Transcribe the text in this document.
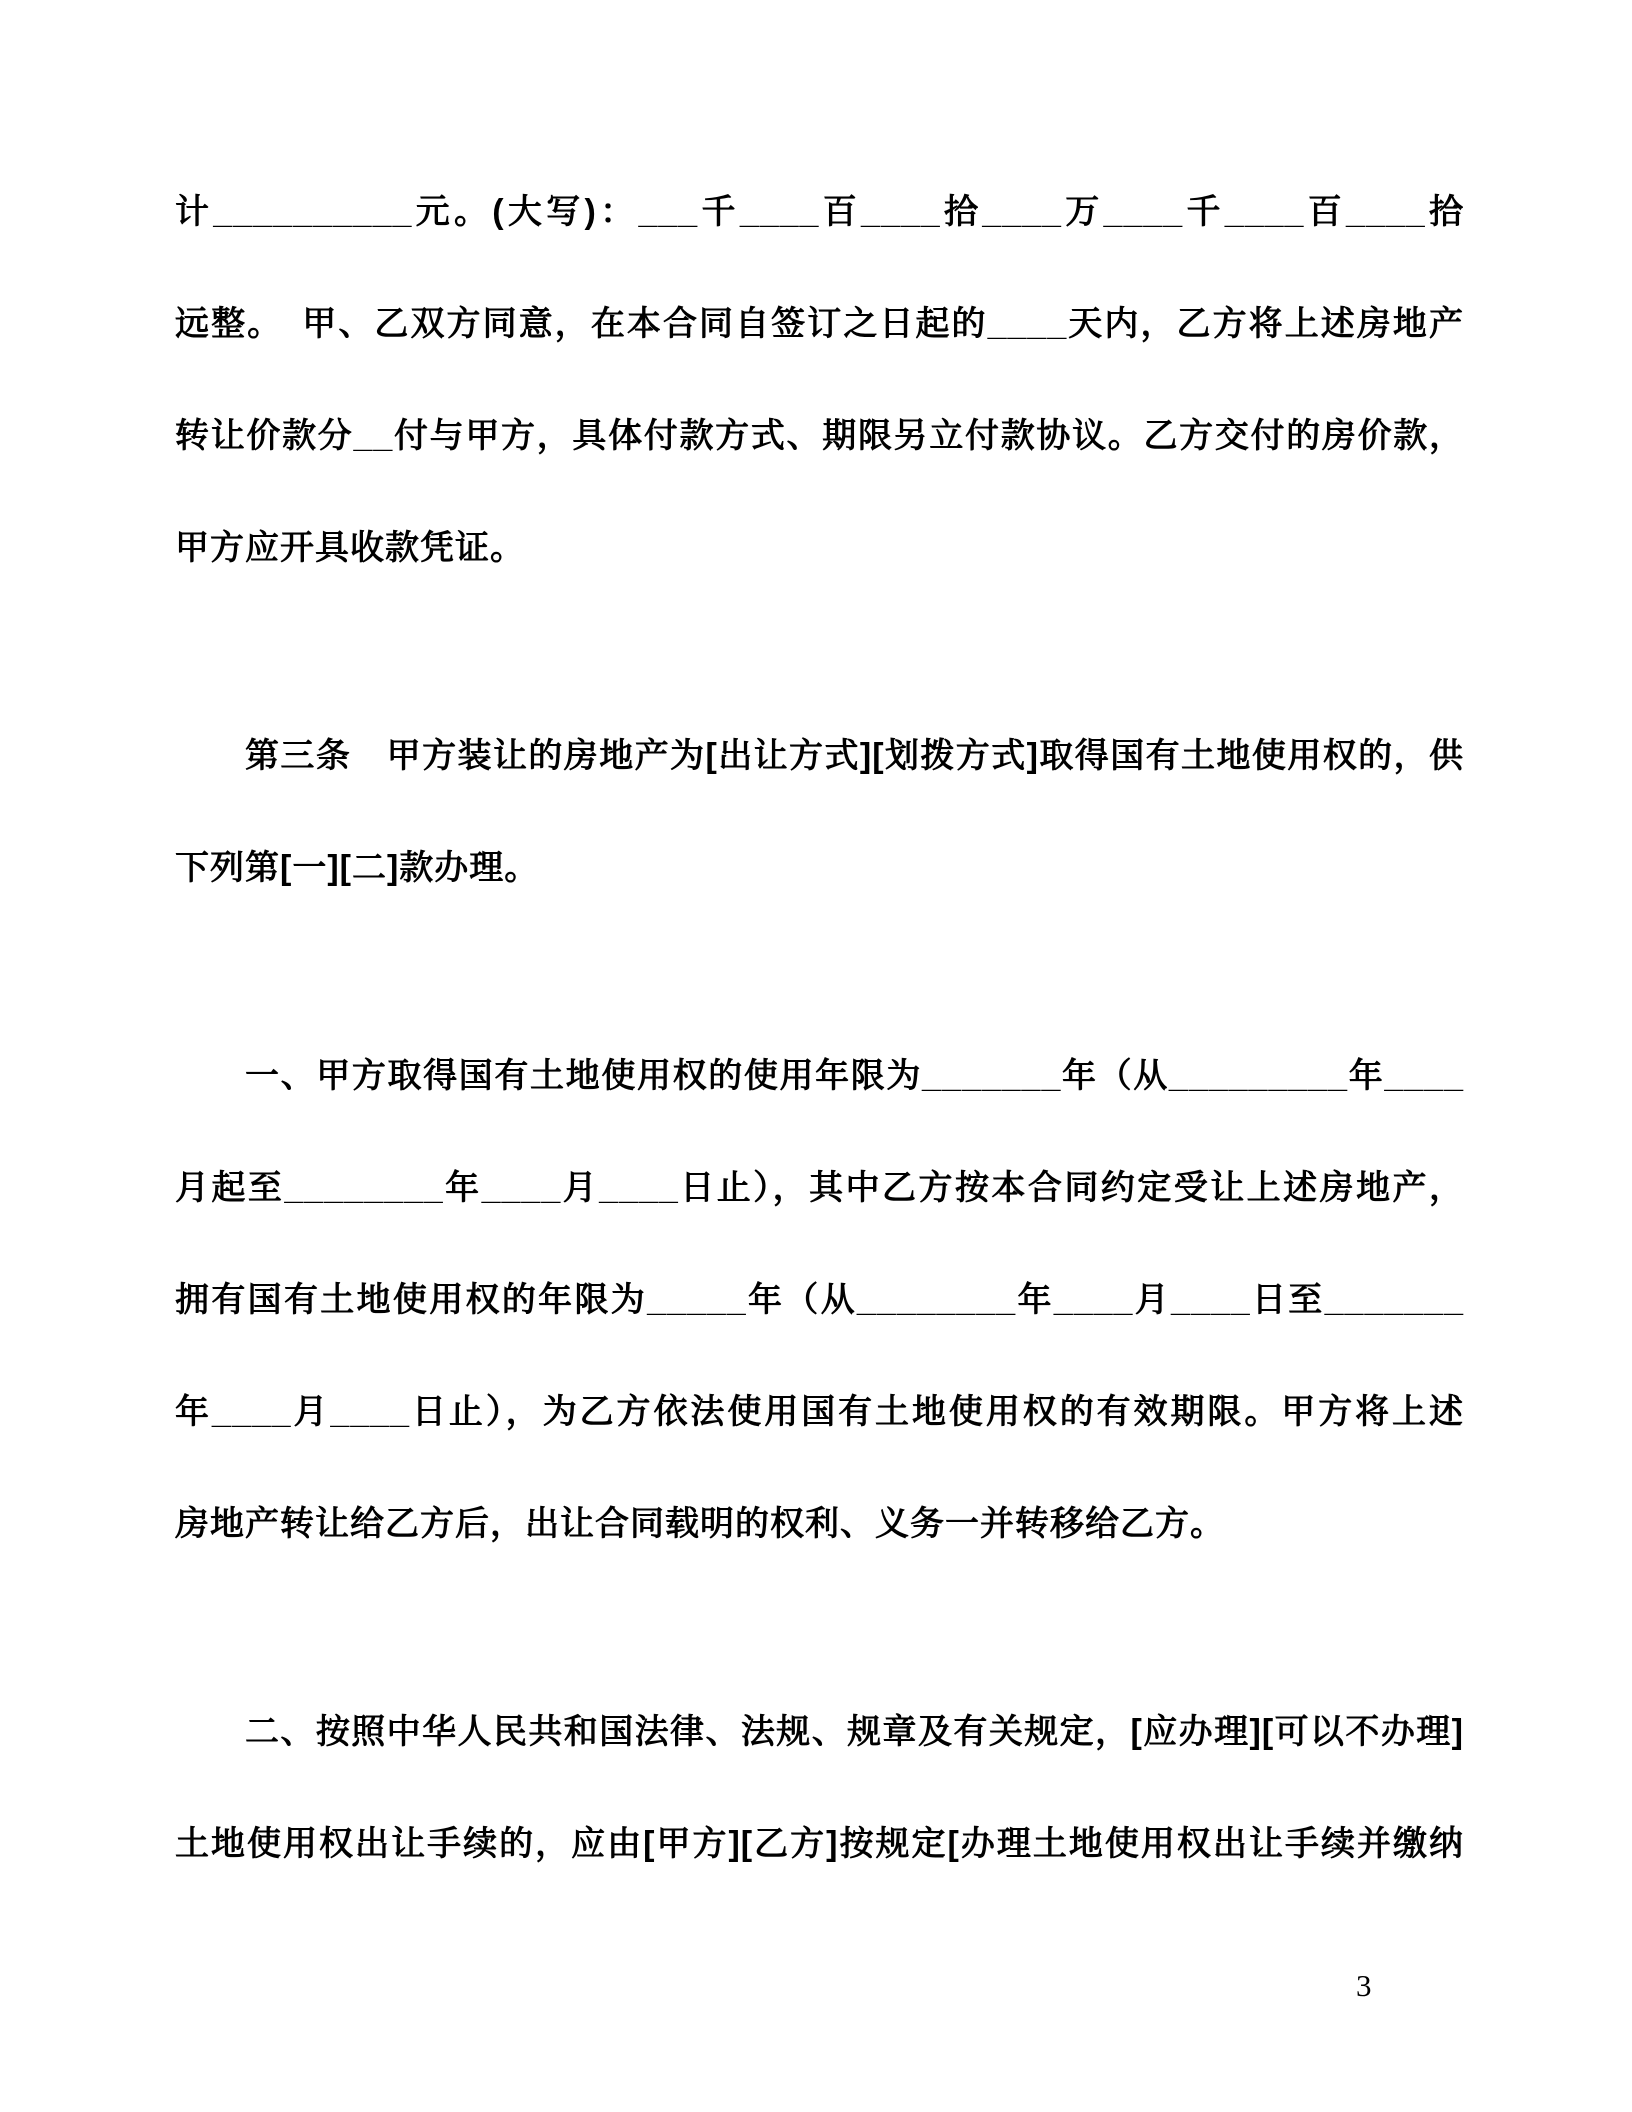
计__________元。(大写)：___千____百____拾____万____千____百____拾
远整。　甲、乙双方同意，在本合同自签订之日起的____天内，乙方将上述房地产
转让价款分__付与甲方，具体付款方式、期限另立付款协议。乙方交付的房价款，
甲方应开具收款凭证。
第三条　甲方装让的房地产为[出让方式][划拨方式]取得国有土地使用权的，供
下列第[一][二]款办理。
一、甲方取得国有土地使用权的使用年限为_______年（从_________年____
月起至________年____月____日止），其中乙方按本合同约定受让上述房地产，
拥有国有土地使用权的年限为_____年（从________年____月____日至_______
年____月____日止），为乙方依法使用国有土地使用权的有效期限。甲方将上述
房地产转让给乙方后，出让合同载明的权利、义务一并转移给乙方。
二、按照中华人民共和国法律、法规、规章及有关规定，[应办理][可以不办理]
土地使用权出让手续的，应由[甲方][乙方]按规定[办理土地使用权出让手续并缴纳
3
